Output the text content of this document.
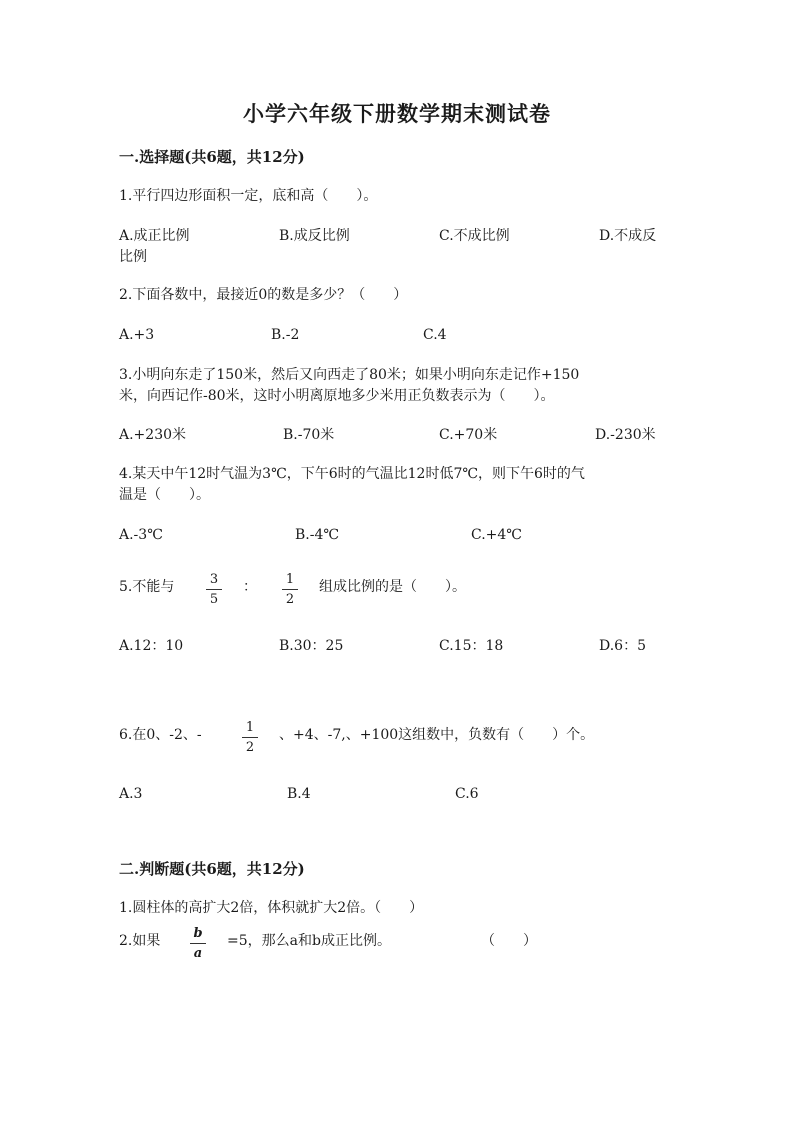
小学六年级下册数学期末测试卷
一.选择题(共6题，共12分)
1.平行四边形面积一定，底和高（　　）。
A.成正比例	B.成反比例	C.不成比例	D.不成反
比例
2.下面各数中，最接近0的数是多少？（　　）
A.+3	B.-2	C.4
3.小明向东走了150米，然后又向西走了80米；如果小明向东走记作+150
米，向西记作-80米，这时小明离原地多少米用正负数表示为（　　）。
A.+230米	B.-70米	C.+70米	D.-230米
4.某天中午12时气温为3℃，下午6时的气温比12时低7℃，则下午6时的气
温是（　　）。
A.-3℃	B.-4℃	C.+4℃
5.不能与	3
5
：	1
2
组成比例的是（　　）。
A.12：10	B.30：25	C.15：18	D.6：5
6.在0、-2、-	1
2
、+4、-7,、+100这组数中，负数有（　　）个。
A.3	B.4	C.6
二.判断题(共6题，共12分)
1.圆柱体的高扩大2倍，体积就扩大2倍。（　　）
2.如果	b
a
=5，那么a和b成正比例。	（　　）
